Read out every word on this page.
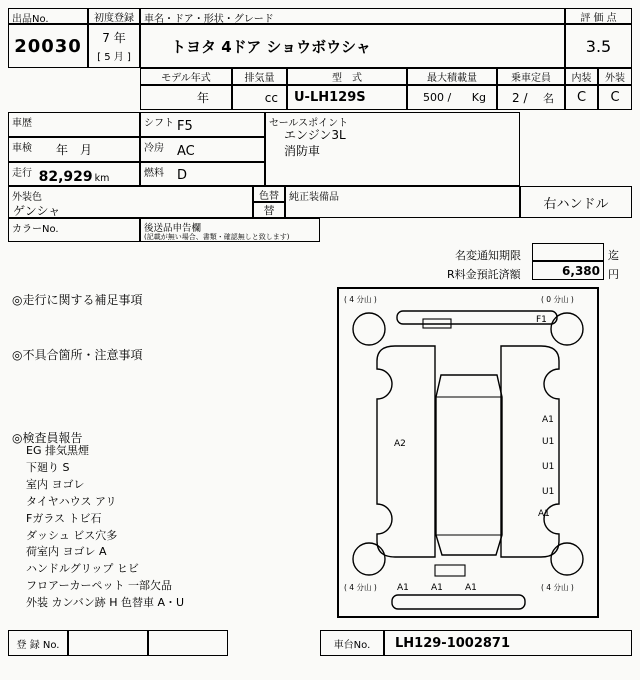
出品No.
20030
初度登録
7 年
[ 5 月 ]
車名・ドア・形状・グレード
トヨタ 4ドア ショウボウシャ
評 価 点
3.5
モデル年式
年
排気量
cc
型　式
U-LH129S
最大積載量
500 / Kg
乗車定員
2 / 名
内装 外装
C C
車歴
車検 年　月
走行 82,929 km
シフト F5
冷房 AC
燃料 D
セールスポイント
エンジン3L
消防車
外装色
ゲンシャ
色替
替
純正装備品	右ハンドル
カラーNo.	後送品申告欄
(記載が無い場合、書類・確認無しと致します)
名変通知期限	迄
R料金預託済額	6,380 円
◎走行に関する補足事項
◎不具合箇所・注意事項
◎検査員報告
EG 排気黒煙
下廻り S
室内 ヨゴレ
タイヤハウス アリ
Fガラス トビ石
ダッシュ ビス穴多
荷室内 ヨゴレ A
ハンドルグリップ ヒビ
フロアーカーペット 一部欠品
外装 カンバン跡 H 色替車 A・U
( 4 分山 )	( 0 分山 )
( 4 分山 )	( 4 分山 )
F1
A2
A1
U1
U1
U1
A1
A1 A1 A1
登 録 No.	車台No. LH129-1002871
